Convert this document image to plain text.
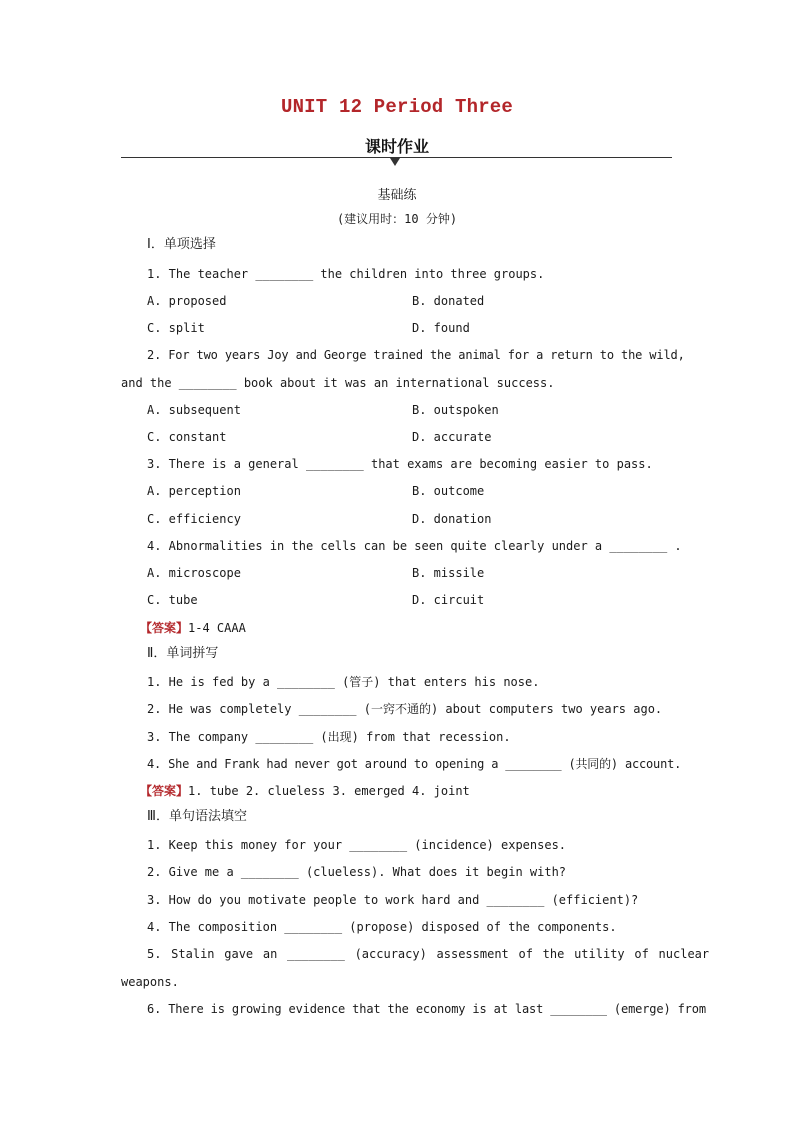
UNIT 12 Period Three
课时作业
基础练
(建议用时：10 分钟)
Ⅰ．单项选择
1. The teacher ________ the children into three groups.
A. proposed	B. donated
C. split	D. found
2. For two years Joy and George trained the animal for a return to the wild,
and the ________ book about it was an international success.
A. subsequent	B. outspoken
C. constant	D. accurate
3. There is a general ________ that exams are becoming easier to pass.
A. perception	B. outcome
C. efficiency	D. donation
4. Abnormalities in the cells can be seen quite clearly under a ________ .
A. microscope	B. missile
C. tube	D. circuit
【答案】1-4 CAAA
Ⅱ．单词拼写
1. He is fed by a ________ (管子) that enters his nose.
2. He was completely ________ (一窍不通的) about computers two years ago.
3. The company ________ (出现) from that recession.
4. She and Frank had never got around to opening a ________ (共同的) account.
【答案】1. tube 2. clueless 3. emerged 4. joint
Ⅲ．单句语法填空
1. Keep this money for your ________ (incidence) expenses.
2. Give me a ________ (clueless). What does it begin with?
3. How do you motivate people to work hard and ________ (efficient)?
4. The composition ________ (propose) disposed of the components.
5. Stalin gave an ________ (accuracy) assessment of the utility of nuclear
weapons.
6. There is growing evidence that the economy is at last ________ (emerge) from
